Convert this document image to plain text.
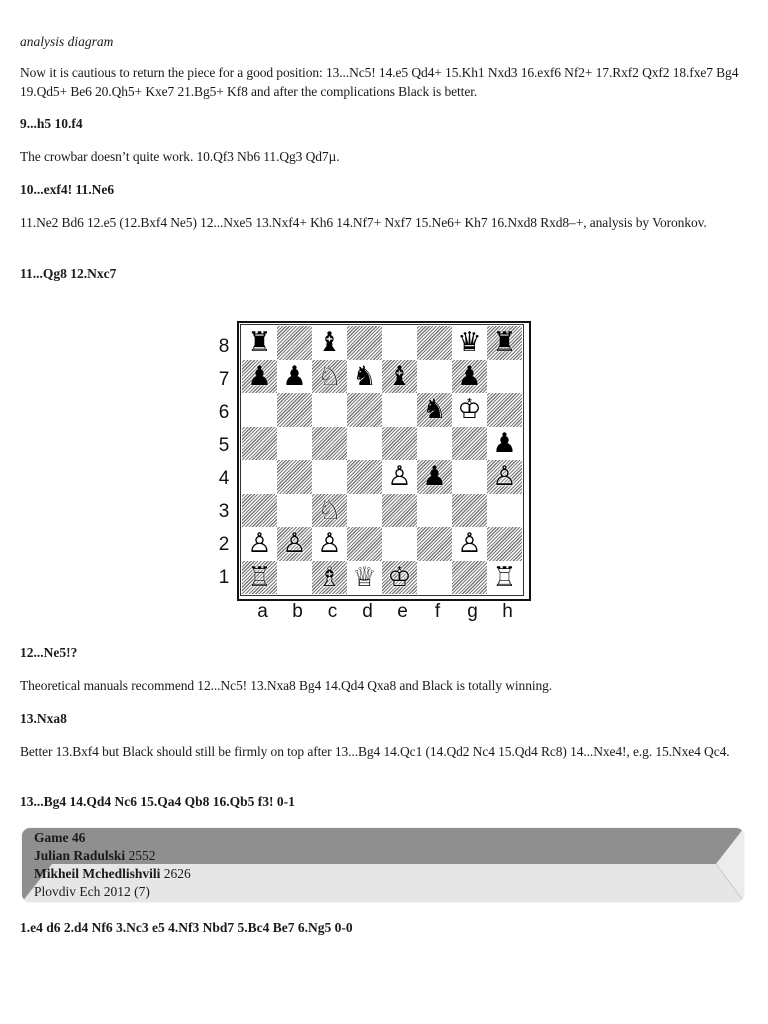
analysis diagram

Now it is cautious to return the piece for a good position: 13...Nc5! 14.e5 Qd4+ 15.Kh1 Nxd3 16.exf6 Nf2+ 17.Rxf2 Qxf2 18.fxe7 Bg4 19.Qd5+ Be6 20.Qh5+ Kxe7 21.Bg5+ Kf8 and after the complications Black is better.

9...h5 10.f4

The crowbar doesn’t quite work. 10.Qf3 Nb6 11.Qg3 Qd7µ.

10...exf4! 11.Ne6

11.Ne2 Bd6 12.e5 (12.Bxf4 Ne5) 12...Nxe5 13.Nxf4+ Kh6 14.Nf7+ Nxf7 15.Ne6+ Kh7 16.Nxd8 Rxd8–+, analysis by Voronkov.

11...Qg8 12.Nxc7

8
7
6
5
4
3
2
1
♜ ♝	♛ ♜
♟ ♟ ♘ ♞ ♝ ♟
♞ ♔
♟
♙ ♟ ♙
♘
♙ ♙ ♙	♙
♖ ♗ ♕ ♔	♖
a	b	c	d	e	f	g	h

12...Ne5!?

Theoretical manuals recommend 12...Nc5! 13.Nxa8 Bg4 14.Qd4 Qxa8 and Black is totally winning.

13.Nxa8

Better 13.Bxf4 but Black should still be firmly on top after 13...Bg4 14.Qc1 (14.Qd2 Nc4 15.Qd4 Rc8) 14...Nxe4!, e.g. 15.Nxe4 Qc4.

13...Bg4 14.Qd4 Nc6 15.Qa4 Qb8 16.Qb5 f3! 0-1

Game 46
Julian Radulski 2552
Mikheil Mchedlishvili 2626
Plovdiv Ech 2012 (7)

1.e4 d6 2.d4 Nf6 3.Nc3 e5 4.Nf3 Nbd7 5.Bc4 Be7 6.Ng5 0-0
